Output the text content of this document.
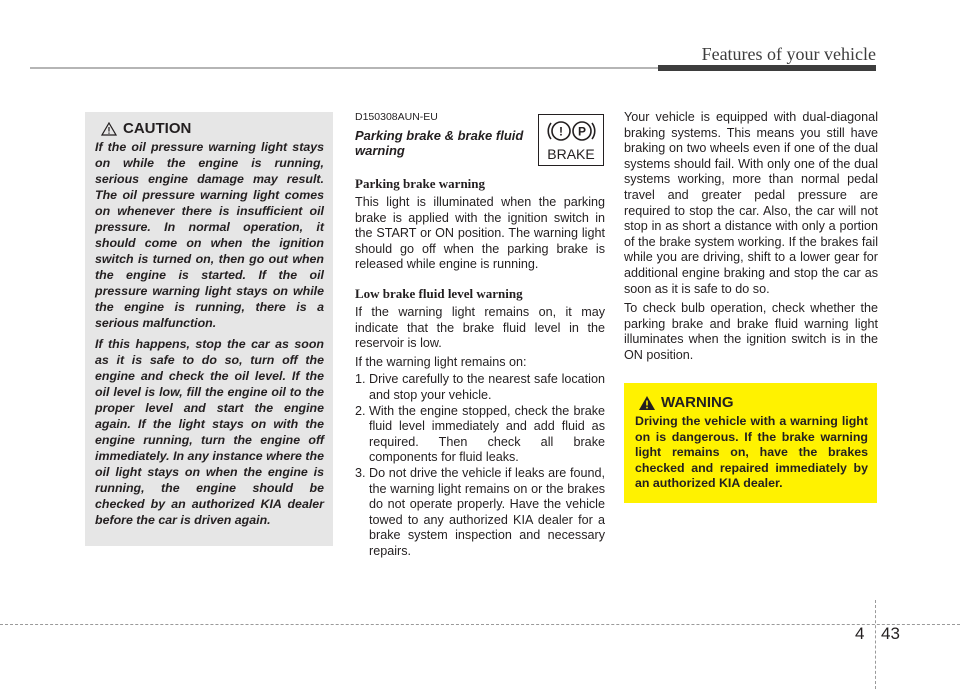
Features of your vehicle
CAUTION

If the oil pressure warning light stays on while the engine is running, serious engine damage may result. The oil pressure warning light comes on whenever there is insufficient oil pressure. In normal operation, it should come on when the ignition switch is turned on, then go out when the engine is started. If the oil pressure warning light stays on while the engine is running, there is a serious malfunction.

If this happens, stop the car as soon as it is safe to do so, turn off the engine and check the oil level. If the oil level is low, fill the engine oil to the proper level and start the engine again. If the light stays on with the engine running, turn the engine off immediately. In any instance where the oil light stays on when the engine is running, the engine should be checked by an authorized KIA dealer before the car is driven again.

D150308AUN-EU
Parking brake & brake fluid warning
! P
BRAKE
Parking brake warning
This light is illuminated when the parking brake is applied with the ignition switch in the START or ON position. The warning light should go off when the parking brake is released while engine is running.
Low brake fluid level warning
If the warning light remains on, it may indicate that the brake fluid level in the reservoir is low.
If the warning light remains on:
1. Drive carefully to the nearest safe location and stop your vehicle.
2. With the engine stopped, check the brake fluid level immediately and add fluid as required. Then check all brake components for fluid leaks.
3. Do not drive the vehicle if leaks are found, the warning light remains on or the brakes do not operate properly. Have the vehicle towed to any authorized KIA dealer for a brake system inspection and necessary repairs.
Your vehicle is equipped with dual-diagonal braking systems. This means you still have braking on two wheels even if one of the dual systems should fail. With only one of the dual systems working, more than normal pedal travel and greater pedal pressure are required to stop the car. Also, the car will not stop in as short a distance with only a portion of the brake system working. If the brakes fail while you are driving, shift to a lower gear for additional engine braking and stop the car as soon as it is safe to do so.
To check bulb operation, check whether the parking brake and brake fluid warning light illuminates when the ignition switch is in the ON position.
WARNING

Driving the vehicle with a warning light on is dangerous. If the brake warning light remains on, have the brakes checked and repaired immediately by an authorized KIA dealer.

4 43
